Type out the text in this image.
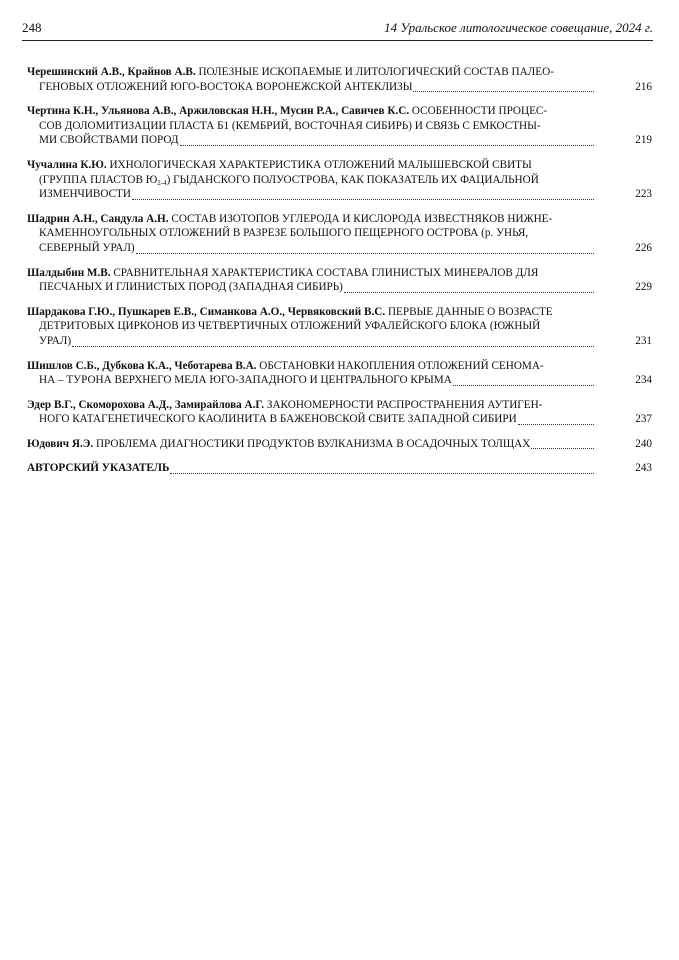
248	14 Уральское литологическое совещание, 2024 г.
Черешинский А.В., Крайнов А.В. ПОЛЕЗНЫЕ ИСКОПАЕМЫЕ И ЛИТОЛОГИЧЕСКИЙ СОСТАВ ПАЛЕО-
ГЕНОВЫХ ОТЛОЖЕНИЙ ЮГО-ВОСТОКА ВОРОНЕЖСКОЙ АНТЕКЛИЗЫ	216
Чертина К.Н., Ульянова А.В., Аржиловская Н.Н., Мусин Р.А., Савичев К.С. ОСОБЕННОСТИ ПРОЦЕС-
СОВ ДОЛОМИТИЗАЦИИ ПЛАСТА Б1 (КЕМБРИЙ, ВОСТОЧНАЯ СИБИРЬ) И СВЯЗЬ С ЕМКОСТНЫ-
МИ СВОЙСТВАМИ ПОРОД	219
Чучалина К.Ю. ИХНОЛОГИЧЕСКАЯ ХАРАКТЕРИСТИКА ОТЛОЖЕНИЙ МАЛЫШЕВСКОЙ СВИТЫ
(ГРУППА ПЛАСТОВ $Ю_{2-4}$) ГЫДАНСКОГО ПОЛУОСТРОВА, КАК ПОКАЗАТЕЛЬ ИХ ФАЦИАЛЬНОЙ
ИЗМЕНЧИВОСТИ	223
Шадрин А.Н., Сандула А.Н. СОСТАВ ИЗОТОПОВ УГЛЕРОДА И КИСЛОРОДА ИЗВЕСТНЯКОВ НИЖНЕ-
КАМЕННОУГОЛЬНЫХ ОТЛОЖЕНИЙ В РАЗРЕЗЕ БОЛЬШОГО ПЕЩЕРНОГО ОСТРОВА (р. УНЬЯ,
СЕВЕРНЫЙ УРАЛ)	226
Шалдыбин М.В. СРАВНИТЕЛЬНАЯ ХАРАКТЕРИСТИКА СОСТАВА ГЛИНИСТЫХ МИНЕРАЛОВ ДЛЯ
ПЕСЧАНЫХ И ГЛИНИСТЫХ ПОРОД (ЗАПАДНАЯ СИБИРЬ)	229
Шардакова Г.Ю., Пушкарев Е.В., Симанкова А.О., Червяковский В.С. ПЕРВЫЕ ДАННЫЕ О ВОЗРАСТЕ
ДЕТРИТОВЫХ ЦИРКОНОВ ИЗ ЧЕТВЕРТИЧНЫХ ОТЛОЖЕНИЙ УФАЛЕЙСКОГО БЛОКА (ЮЖНЫЙ
УРАЛ)	231
Шишлов С.Б., Дубкова К.А., Чеботарева В.А. ОБСТАНОВКИ НАКОПЛЕНИЯ ОТЛОЖЕНИЙ СЕНОМА-
НА – ТУРОНА ВЕРХНЕГО МЕЛА ЮГО-ЗАПАДНОГО И ЦЕНТРАЛЬНОГО КРЫМА	234
Эдер В.Г., Скоморохова А.Д., Замирайлова А.Г. ЗАКОНОМЕРНОСТИ РАСПРОСТРАНЕНИЯ АУТИГЕН-
НОГО КАТАГЕНЕТИЧЕСКОГО КАОЛИНИТА В БАЖЕНОВСКОЙ СВИТЕ ЗАПАДНОЙ СИБИРИ	237
Юдович Я.Э. ПРОБЛЕМА ДИАГНОСТИКИ ПРОДУКТОВ ВУЛКАНИЗМА В ОСАДОЧНЫХ ТОЛЩАХ	240
АВТОРСКИЙ УКАЗАТЕЛЬ	243
